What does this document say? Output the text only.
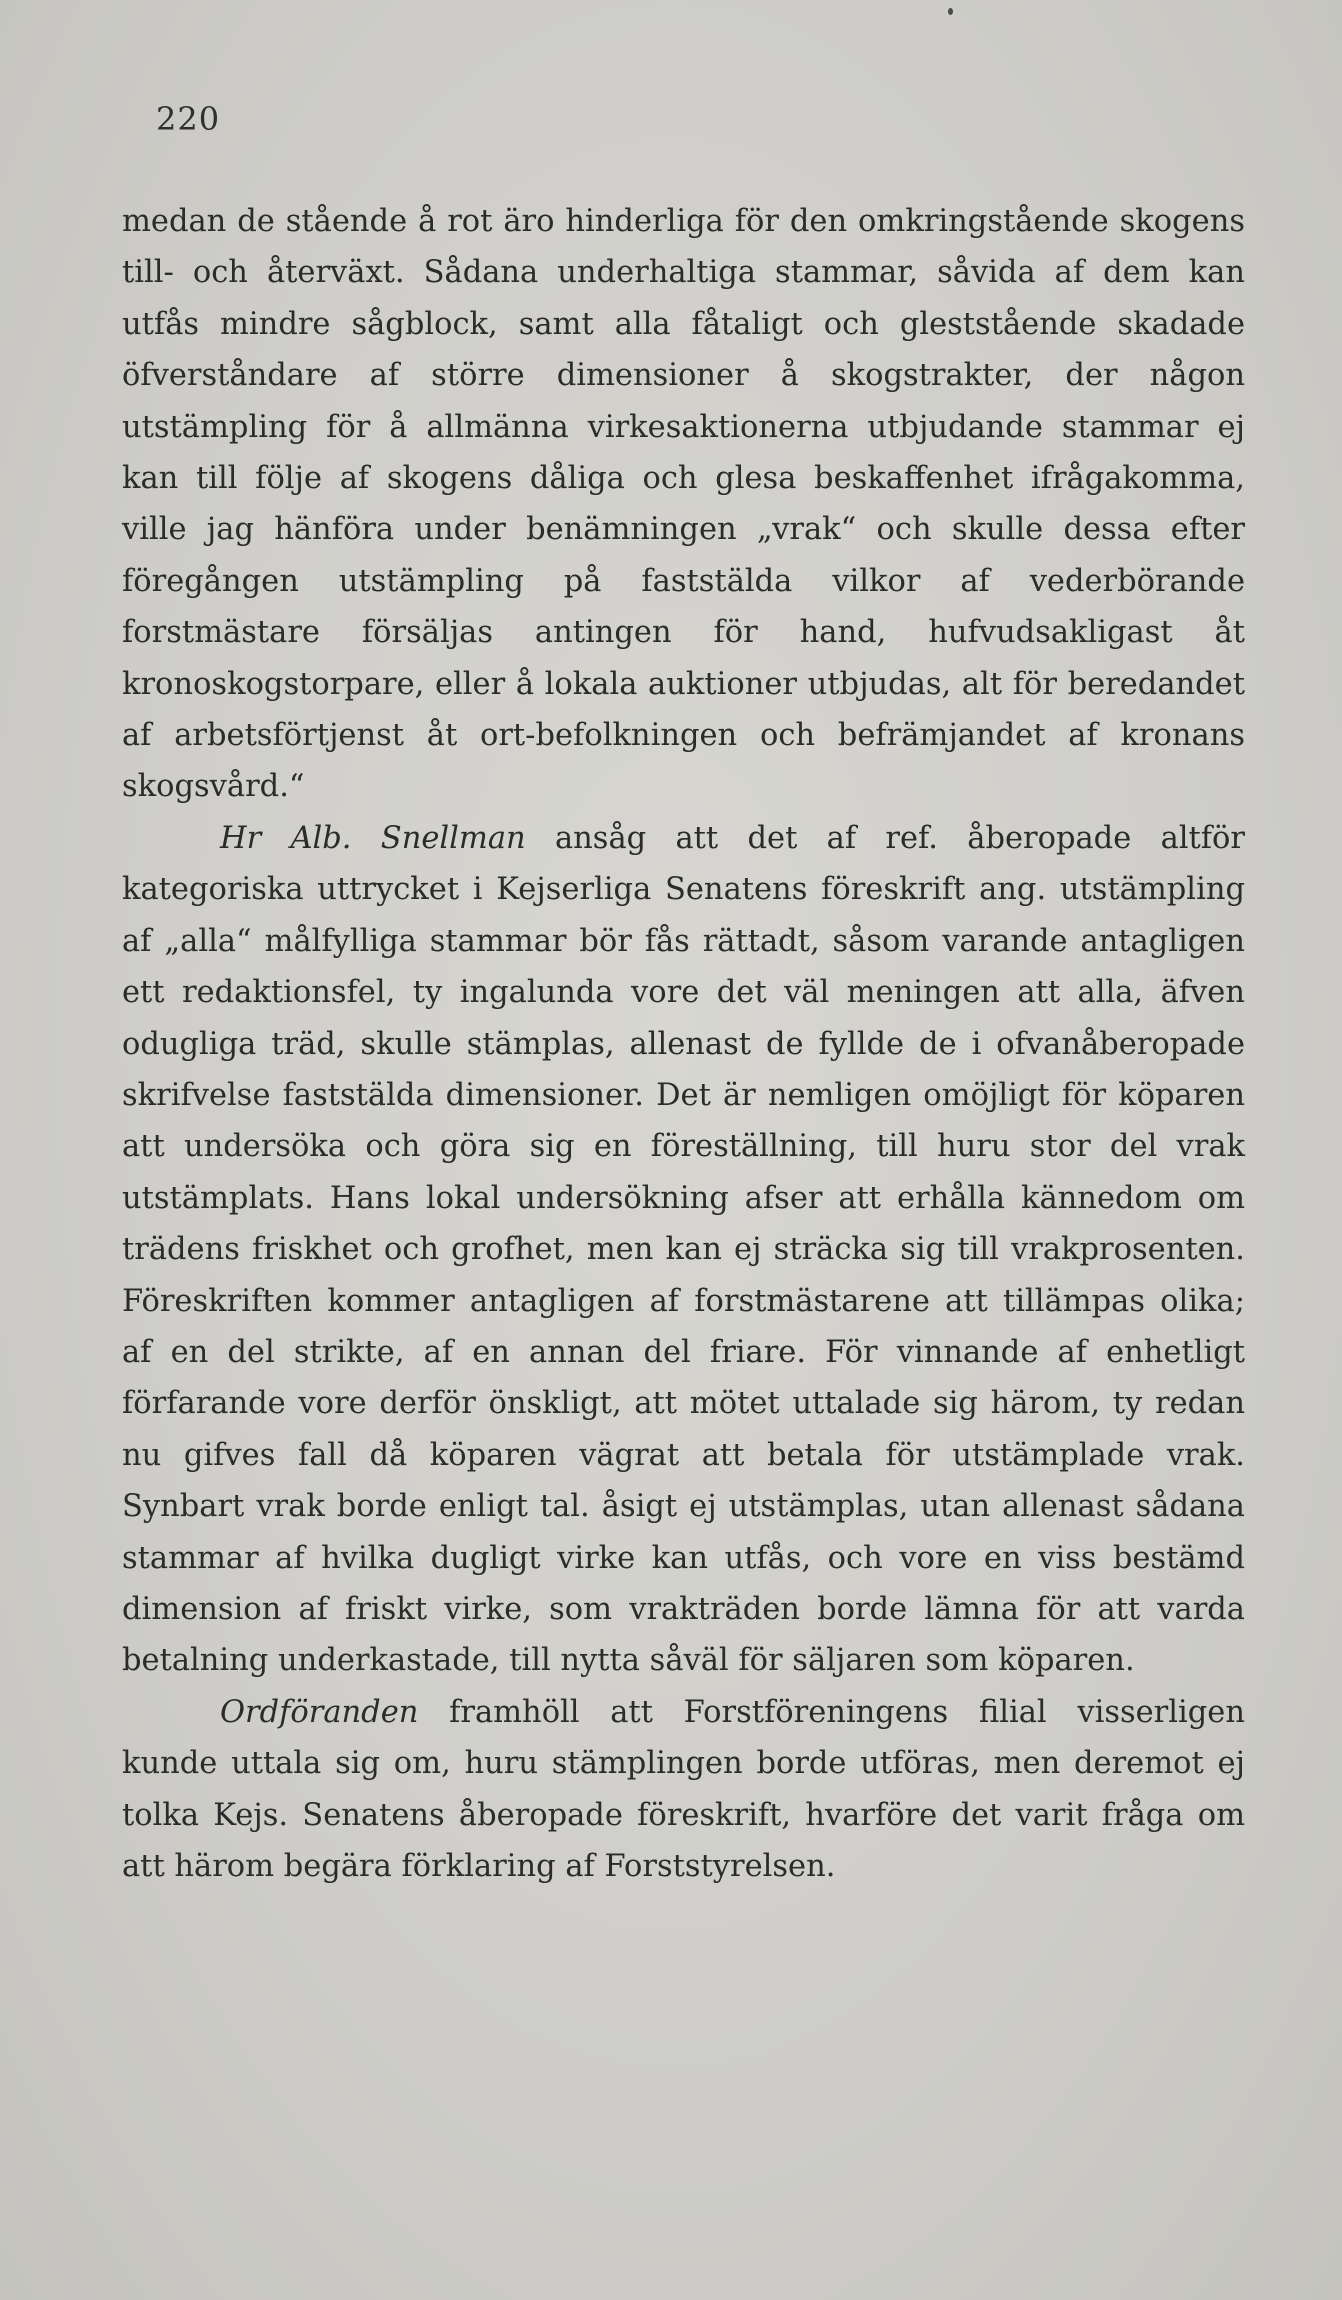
220

medan de stående å rot äro hinderliga för den omkringstående skogens till- och återväxt. Sådana underhaltiga stammar, såvida af dem kan utfås mindre sågblock, samt alla fåtaligt och gleststående skadade öfverståndare af större dimensioner å skogstrakter, der någon utstämpling för å allmänna virkesaktionerna utbjudande stammar ej kan till följe af skogens dåliga och glesa beskaffenhet ifrågakomma, ville jag hänföra under benämningen „vrak“ och skulle dessa efter föregången utstämpling på faststälda vilkor af vederbörande forstmästare försäljas antingen för hand, hufvudsakligast åt kronoskogstorpare, eller å lokala auktioner utbjudas, alt för beredandet af arbetsförtjenst åt ort-befolkningen och befrämjandet af kronans skogsvård.“

Hr Alb. Snellman ansåg att det af ref. åberopade altför kategoriska uttrycket i Kejserliga Senatens föreskrift ang. utstämpling af „alla“ målfylliga stammar bör fås rättadt, såsom varande antagligen ett redaktionsfel, ty ingalunda vore det väl meningen att alla, äfven odugliga träd, skulle stämplas, allenast de fyllde de i ofvanåberopade skrifvelse faststälda dimensioner. Det är nemligen omöjligt för köparen att undersöka och göra sig en föreställning, till huru stor del vrak utstämplats. Hans lokal undersökning afser att erhålla kännedom om trädens friskhet och grofhet, men kan ej sträcka sig till vrakprosenten. Föreskriften kommer antagligen af forstmästarene att tillämpas olika; af en del strikte, af en annan del friare. För vinnande af enhetligt förfarande vore derför önskligt, att mötet uttalade sig härom, ty redan nu gifves fall då köparen vägrat att betala för utstämplade vrak. Synbart vrak borde enligt tal. åsigt ej utstämplas, utan allenast sådana stammar af hvilka dugligt virke kan utfås, och vore en viss bestämd dimension af friskt virke, som vrakträden borde lämna för att varda betalning underkastade, till nytta såväl för säljaren som köparen.

Ordföranden framhöll att Forstföreningens filial visserligen kunde uttala sig om, huru stämplingen borde utföras, men deremot ej tolka Kejs. Senatens åberopade föreskrift, hvarföre det varit fråga om att härom begära förklaring af Forststyrelsen.
